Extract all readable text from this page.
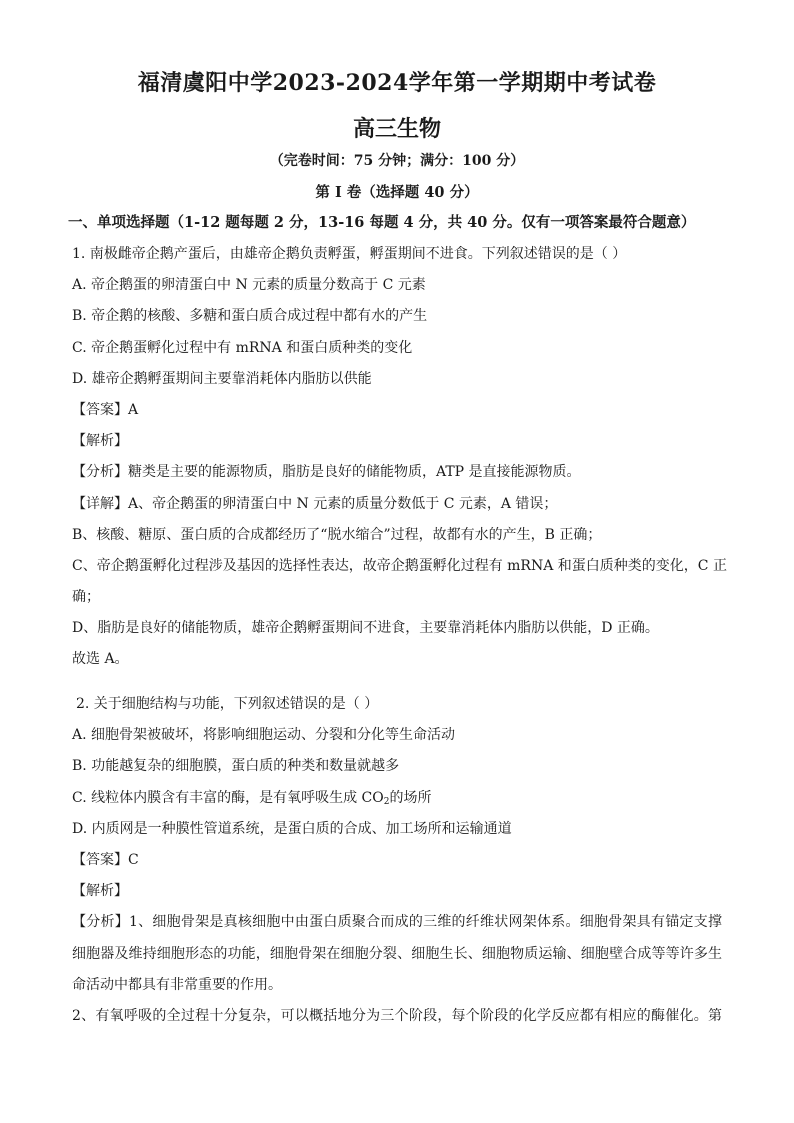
福清虞阳中学2023-2024学年第一学期期中考试卷
高三生物
（完卷时间：75 分钟；满分：100 分）
第 I 卷（选择题 40 分）
一、单项选择题（1-12 题每题 2 分，13-16 每题 4 分，共 40 分。仅有一项答案最符合题意）
1. 南极雌帝企鹅产蛋后，由雄帝企鹅负责孵蛋，孵蛋期间不进食。下列叙述错误的是（ ）
A. 帝企鹅蛋的卵清蛋白中 N 元素的质量分数高于 C 元素
B. 帝企鹅的核酸、多糖和蛋白质合成过程中都有水的产生
C. 帝企鹅蛋孵化过程中有 mRNA 和蛋白质种类的变化
D. 雄帝企鹅孵蛋期间主要靠消耗体内脂肪以供能
【答案】A
【解析】
【分析】糖类是主要的能源物质，脂肪是良好的储能物质，ATP 是直接能源物质。
【详解】A、帝企鹅蛋的卵清蛋白中 N 元素的质量分数低于 C 元素，A 错误；
B、核酸、糖原、蛋白质的合成都经历了“脱水缩合”过程，故都有水的产生，B 正确；
C、帝企鹅蛋孵化过程涉及基因的选择性表达，故帝企鹅蛋孵化过程有 mRNA 和蛋白质种类的变化，C 正
确；
D、脂肪是良好的储能物质，雄帝企鹅孵蛋期间不进食，主要靠消耗体内脂肪以供能，D 正确。
故选 A。
2. 关于细胞结构与功能，下列叙述错误的是（ ）
A. 细胞骨架被破坏，将影响细胞运动、分裂和分化等生命活动
B. 功能越复杂的细胞膜，蛋白质的种类和数量就越多
C. 线粒体内膜含有丰富的酶，是有氧呼吸生成 $CO_2$的场所
D. 内质网是一种膜性管道系统，是蛋白质的合成、加工场所和运输通道
【答案】C
【解析】
【分析】1、细胞骨架是真核细胞中由蛋白质聚合而成的三维的纤维状网架体系。细胞骨架具有锚定支撑
细胞器及维持细胞形态的功能，细胞骨架在细胞分裂、细胞生长、细胞物质运输、细胞壁合成等等许多生
命活动中都具有非常重要的作用。
2、有氧呼吸的全过程十分复杂，可以概括地分为三个阶段，每个阶段的化学反应都有相应的酶催化。第
